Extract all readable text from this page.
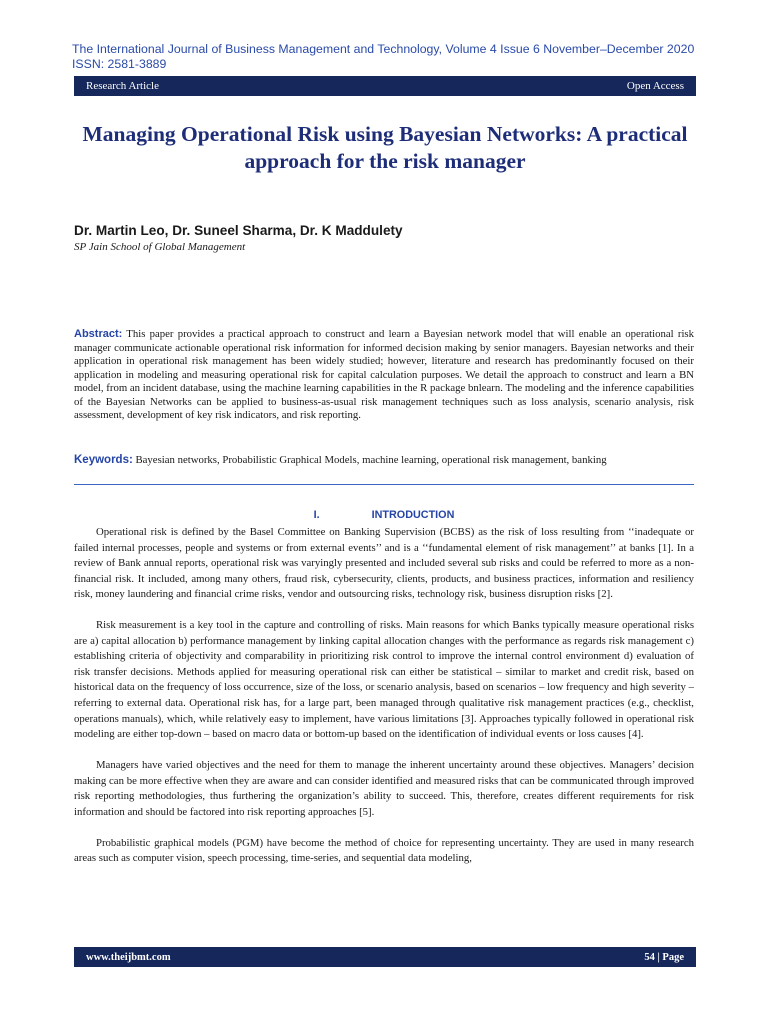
The International Journal of Business Management and Technology, Volume 4 Issue 6 November–December 2020
ISSN: 2581-3889
Research Article	Open Access
Managing Operational Risk using Bayesian Networks: A practical approach for the risk manager
Dr. Martin Leo, Dr. Suneel Sharma, Dr. K Maddulety
SP Jain School of Global Management
Abstract: This paper provides a practical approach to construct and learn a Bayesian network model that will enable an operational risk manager communicate actionable operational risk information for informed decision making by senior managers. Bayesian networks and their application in operational risk management has been widely studied; however, literature and research has predominantly focused on their application in modeling and measuring operational risk for capital calculation purposes. We detail the approach to construct and learn a BN model, from an incident database, using the machine learning capabilities in the R package bnlearn. The modeling and the inference capabilities of the Bayesian Networks can be applied to business-as-usual risk management techniques such as loss analysis, scenario analysis, risk assessment, development of key risk indicators, and risk reporting.
Keywords: Bayesian networks, Probabilistic Graphical Models, machine learning, operational risk management, banking
I.	INTRODUCTION

Operational risk is defined by the Basel Committee on Banking Supervision (BCBS) as the risk of loss resulting from ‘‘inadequate or failed internal processes, people and systems or from external events’’ and is a ‘‘fundamental element of risk management’’ at banks [1]. In a review of Bank annual reports, operational risk was varyingly presented and included several sub risks and could be referred to more as a non-financial risk. It included, among many others, fraud risk, cybersecurity, clients, products, and business practices, information and resiliency risk, money laundering and financial crime risks, vendor and outsourcing risks, technology risk, business disruption risks [2].

Risk measurement is a key tool in the capture and controlling of risks. Main reasons for which Banks typically measure operational risks are a) capital allocation b) performance management by linking capital allocation changes with the performance as regards risk management c) establishing criteria of objectivity and comparability in prioritizing risk control to improve the internal control environment d) evaluation of risk transfer decisions. Methods applied for measuring operational risk can either be statistical – similar to market and credit risk, based on historical data on the frequency of loss occurrence, size of the loss, or scenario analysis, based on scenarios – low frequency and high severity – referring to external data. Operational risk has, for a large part, been managed through qualitative risk management practices (e.g., checklist, operations manuals), which, while relatively easy to implement, have various limitations [3]. Approaches typically followed in operational risk modeling are either top-down – based on macro data or bottom-up based on the identification of individual events or loss causes [4].

Managers have varied objectives and the need for them to manage the inherent uncertainty around these objectives. Managers’ decision making can be more effective when they are aware and can consider identified and measured risks that can be communicated through improved risk reporting methodologies, thus furthering the organization’s ability to succeed. This, therefore, creates different requirements for risk information and should be factored into risk reporting approaches [5].

Probabilistic graphical models (PGM) have become the method of choice for representing uncertainty. They are used in many research areas such as computer vision, speech processing, time-series, and sequential data modeling,

www.theijbmt.com	54 | Page
